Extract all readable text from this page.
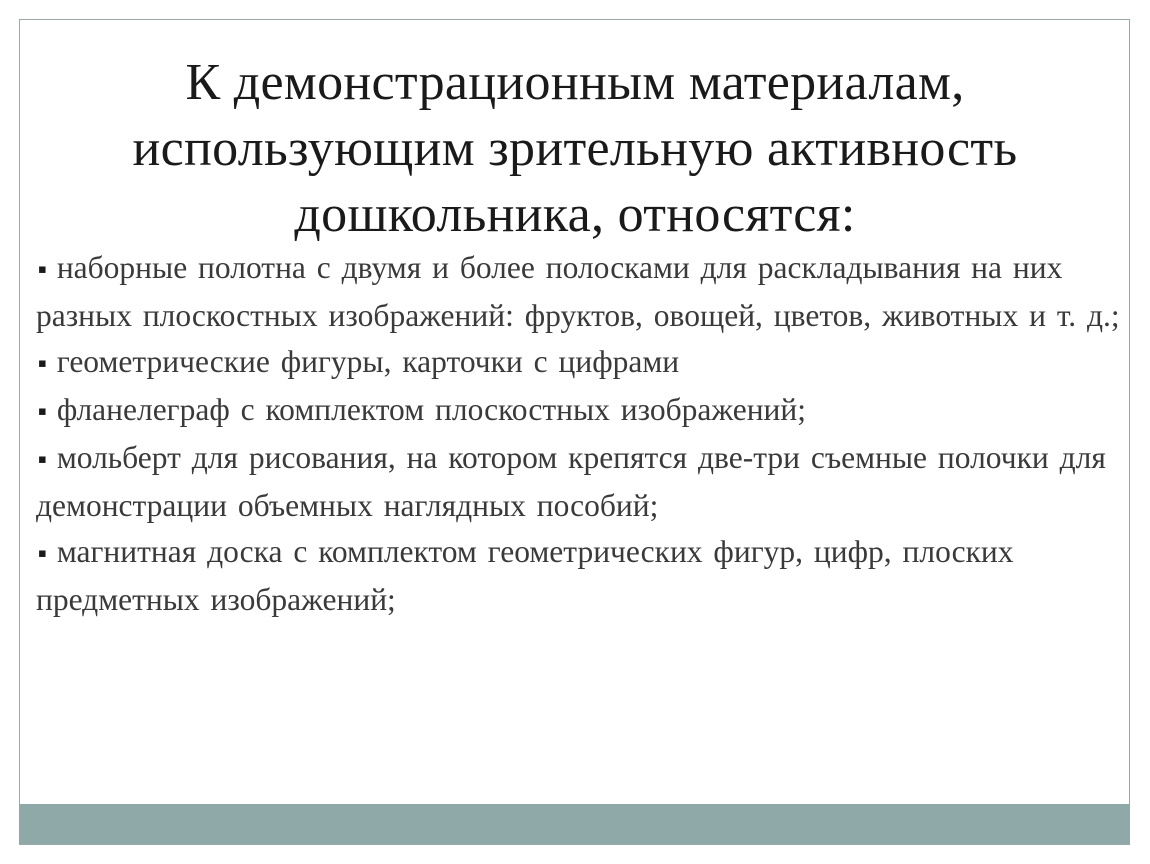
К демонстрационным материалам, использующим зрительную активность дошкольника, относятся:

▪ наборные полотна с двумя и более полосками для раскладывания на них разных плоскостных изображений: фруктов, овощей, цветов, животных и т. д.;

▪ геометрические фигуры, карточки с цифрами

▪ фланелеграф с комплектом плоскостных изображений;

▪ мольберт для рисования, на котором крепятся две-три съемные полочки для демонстрации объемных наглядных пособий;

▪ магнитная доска с комплектом геометрических фигур, цифр, плоских предметных изображений;
